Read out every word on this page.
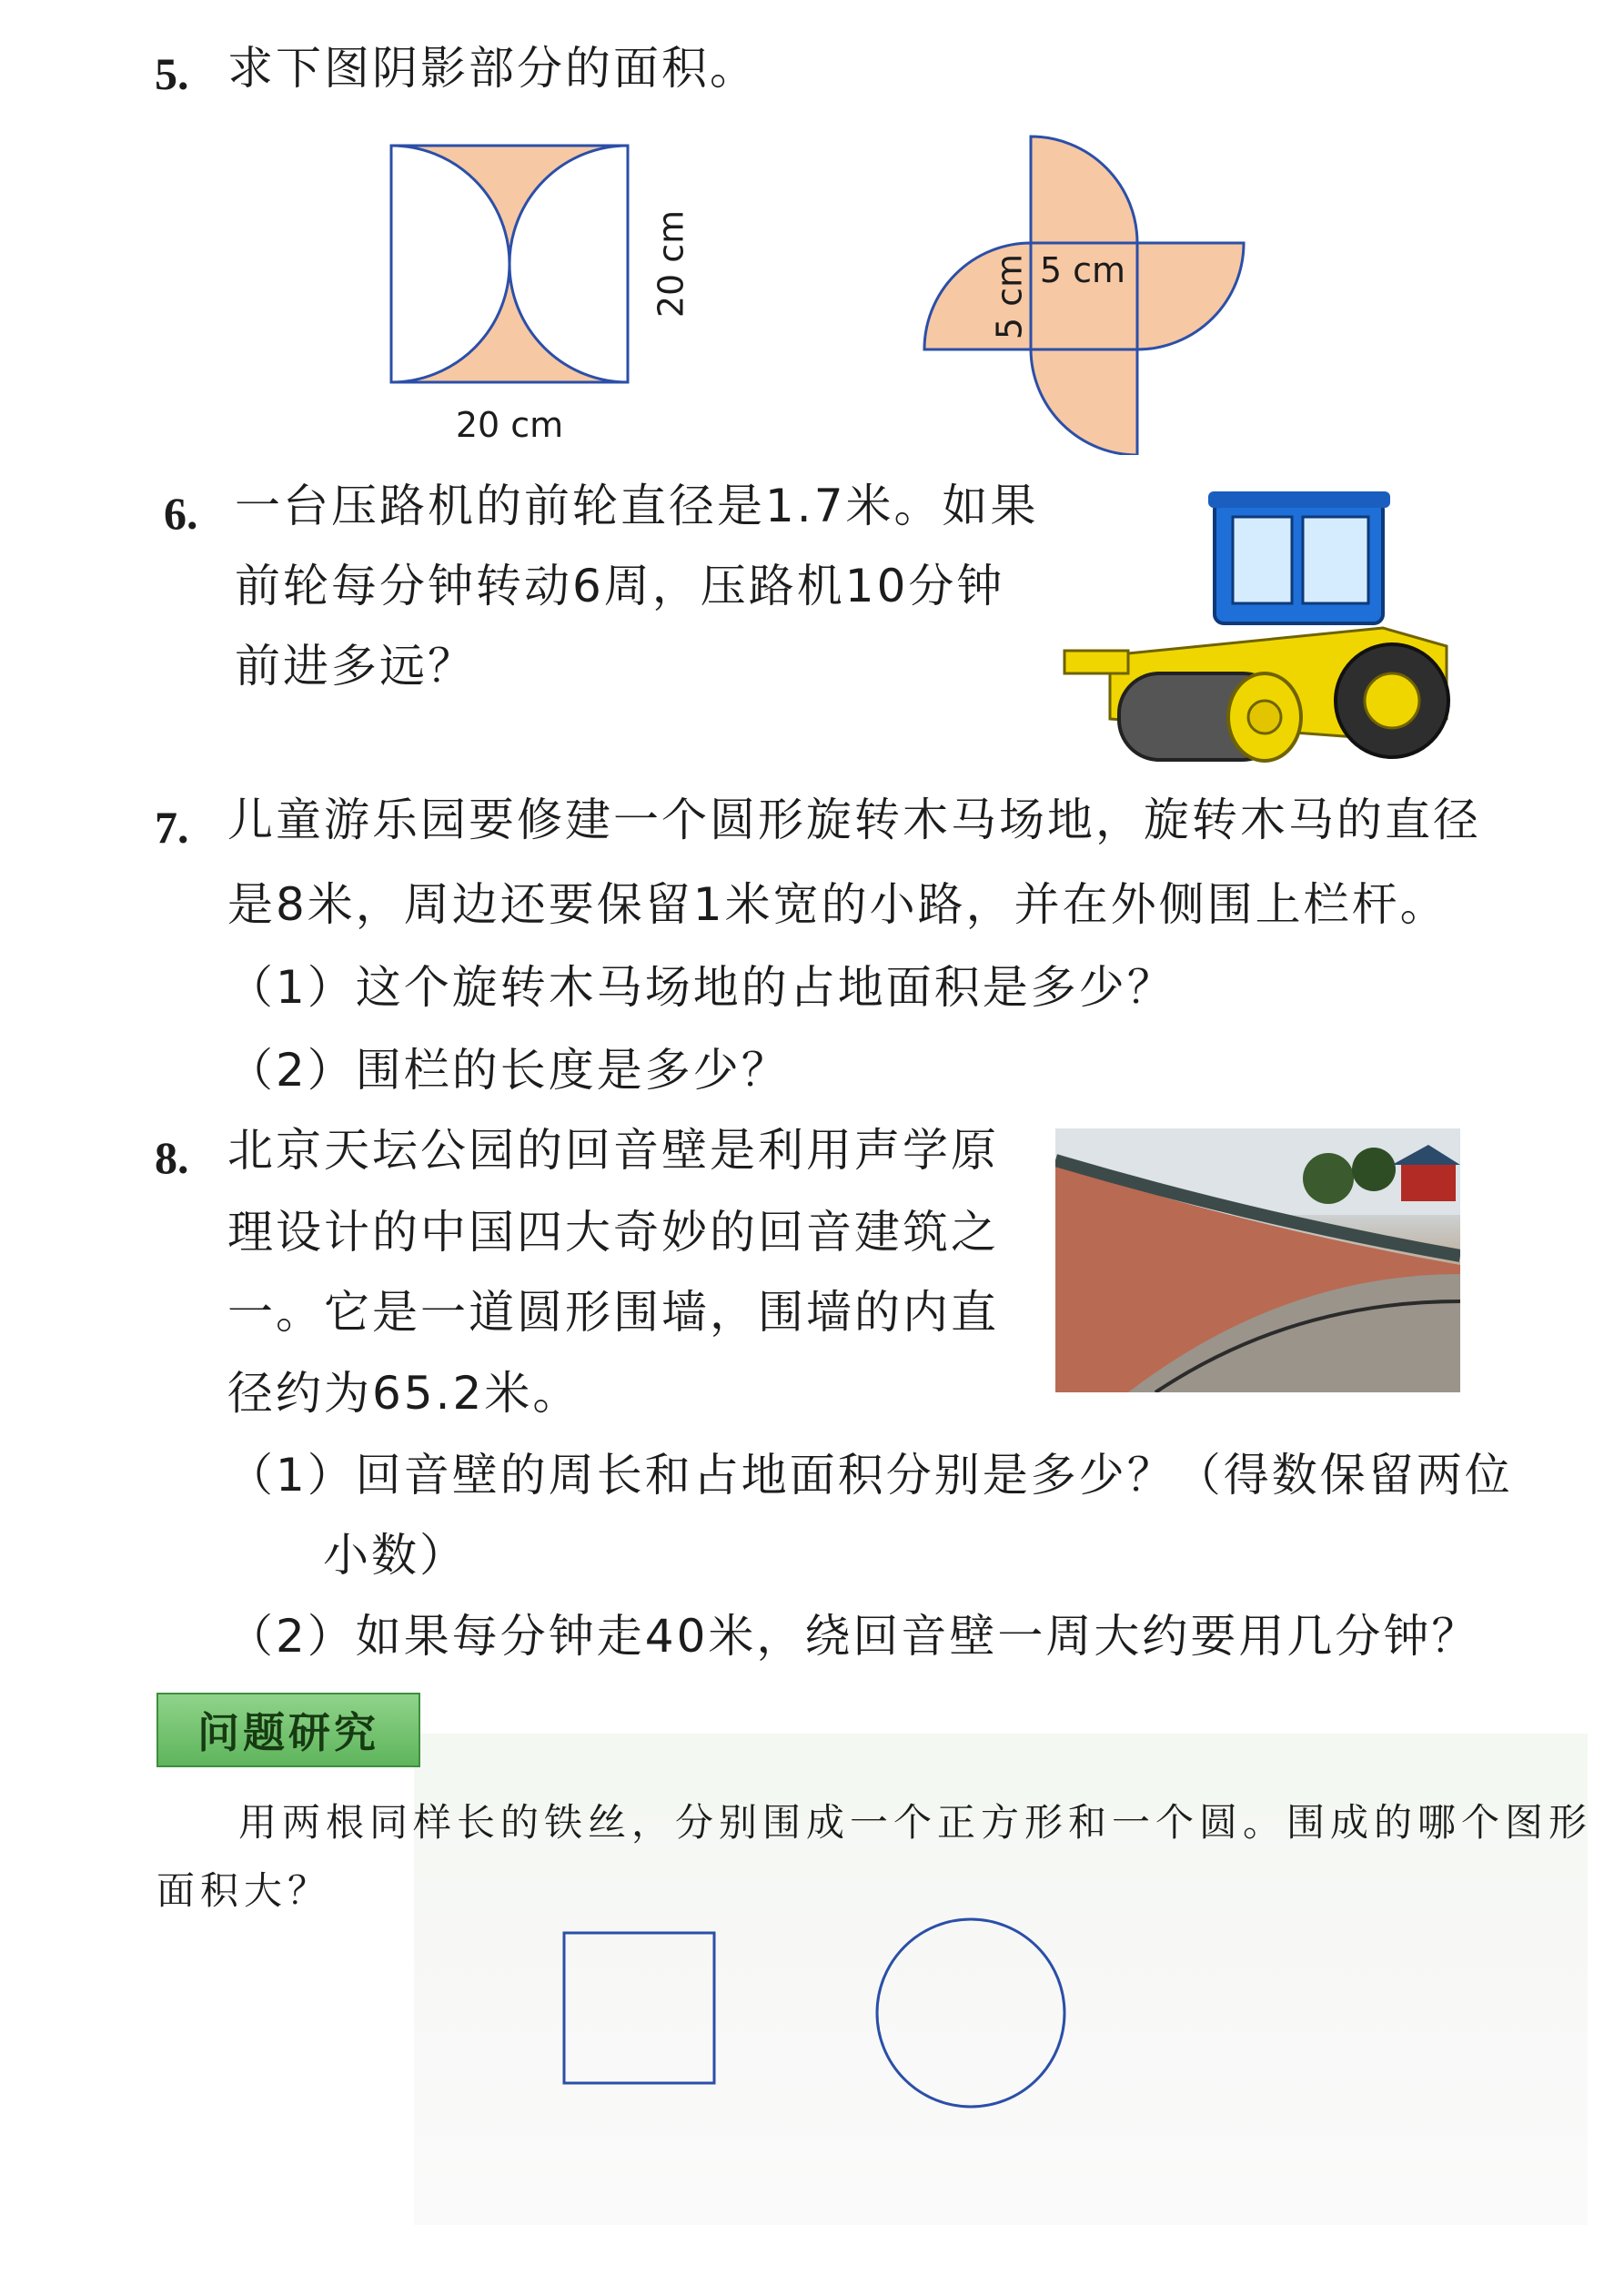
5. 求下图阴影部分的面积。
20 cm
20 cm
5 cm
5 cm
6. 一台压路机的前轮直径是1.7米。如果
前轮每分钟转动6周，压路机10分钟
前进多远？
7. 儿童游乐园要修建一个圆形旋转木马场地，旋转木马的直径
是8米，周边还要保留1米宽的小路，并在外侧围上栏杆。
（1）这个旋转木马场地的占地面积是多少？
（2）围栏的长度是多少？
8. 北京天坛公园的回音壁是利用声学原
理设计的中国四大奇妙的回音建筑之
一。它是一道圆形围墙，围墙的内直
径约为65.2米。
（1）回音壁的周长和占地面积分别是多少？（得数保留两位
小数）
（2）如果每分钟走40米，绕回音壁一周大约要用几分钟？
问题研究
用两根同样长的铁丝，分别围成一个正方形和一个圆。围成的哪个图形
面积大？
